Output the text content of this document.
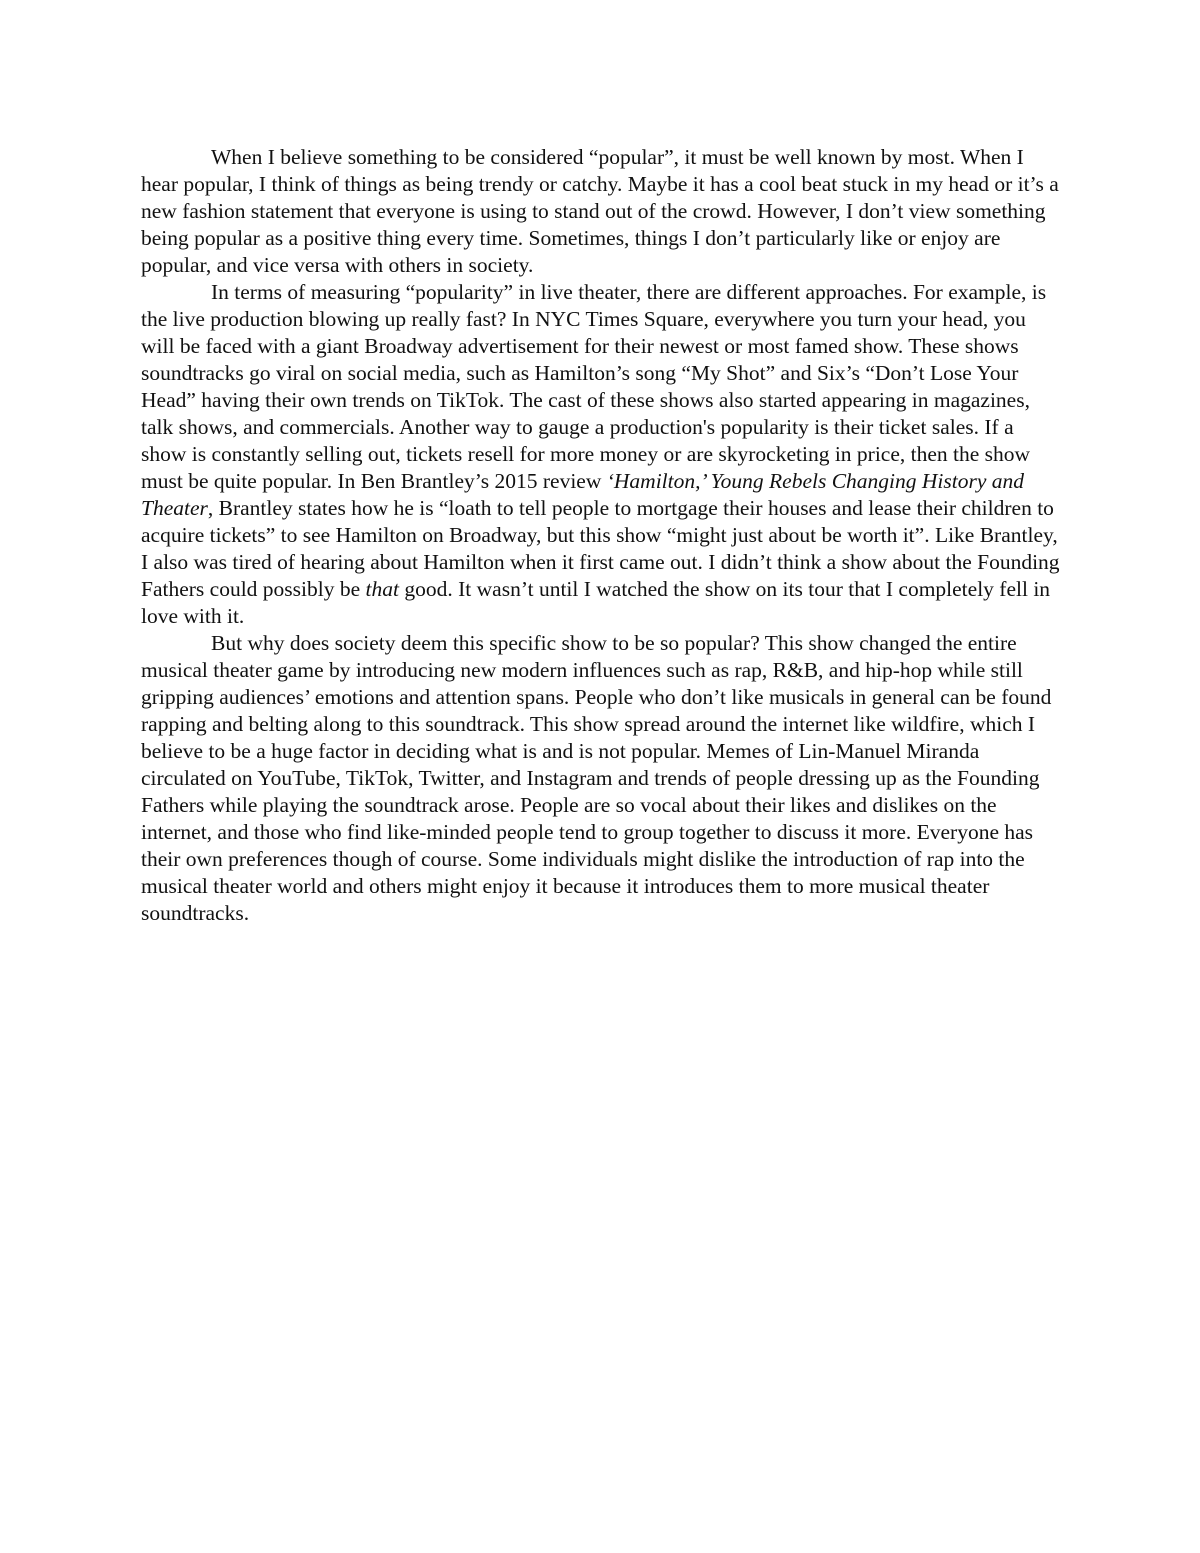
When I believe something to be considered “popular”, it must be well known by most. When I hear popular, I think of things as being trendy or catchy. Maybe it has a cool beat stuck in my head or it’s a new fashion statement that everyone is using to stand out of the crowd. However, I don’t view something being popular as a positive thing every time. Sometimes, things I don’t particularly like or enjoy are popular, and vice versa with others in society.

In terms of measuring “popularity” in live theater, there are different approaches. For example, is the live production blowing up really fast? In NYC Times Square, everywhere you turn your head, you will be faced with a giant Broadway advertisement for their newest or most famed show. These shows soundtracks go viral on social media, such as Hamilton’s song “My Shot” and Six’s “Don’t Lose Your Head” having their own trends on TikTok. The cast of these shows also started appearing in magazines, talk shows, and commercials. Another way to gauge a production's popularity is their ticket sales. If a show is constantly selling out, tickets resell for more money or are skyrocketing in price, then the show must be quite popular. In Ben Brantley’s 2015 review ‘Hamilton,’ Young Rebels Changing History and Theater, Brantley states how he is “loath to tell people to mortgage their houses and lease their children to acquire tickets” to see Hamilton on Broadway, but this show “might just about be worth it”. Like Brantley, I also was tired of hearing about Hamilton when it first came out. I didn’t think a show about the Founding Fathers could possibly be that good. It wasn’t until I watched the show on its tour that I completely fell in love with it.

But why does society deem this specific show to be so popular? This show changed the entire musical theater game by introducing new modern influences such as rap, R&B, and hip-hop while still gripping audiences’ emotions and attention spans. People who don’t like musicals in general can be found rapping and belting along to this soundtrack. This show spread around the internet like wildfire, which I believe to be a huge factor in deciding what is and is not popular. Memes of Lin-Manuel Miranda circulated on YouTube, TikTok, Twitter, and Instagram and trends of people dressing up as the Founding Fathers while playing the soundtrack arose. People are so vocal about their likes and dislikes on the internet, and those who find like-minded people tend to group together to discuss it more. Everyone has their own preferences though of course. Some individuals might dislike the introduction of rap into the musical theater world and others might enjoy it because it introduces them to more musical theater soundtracks.
